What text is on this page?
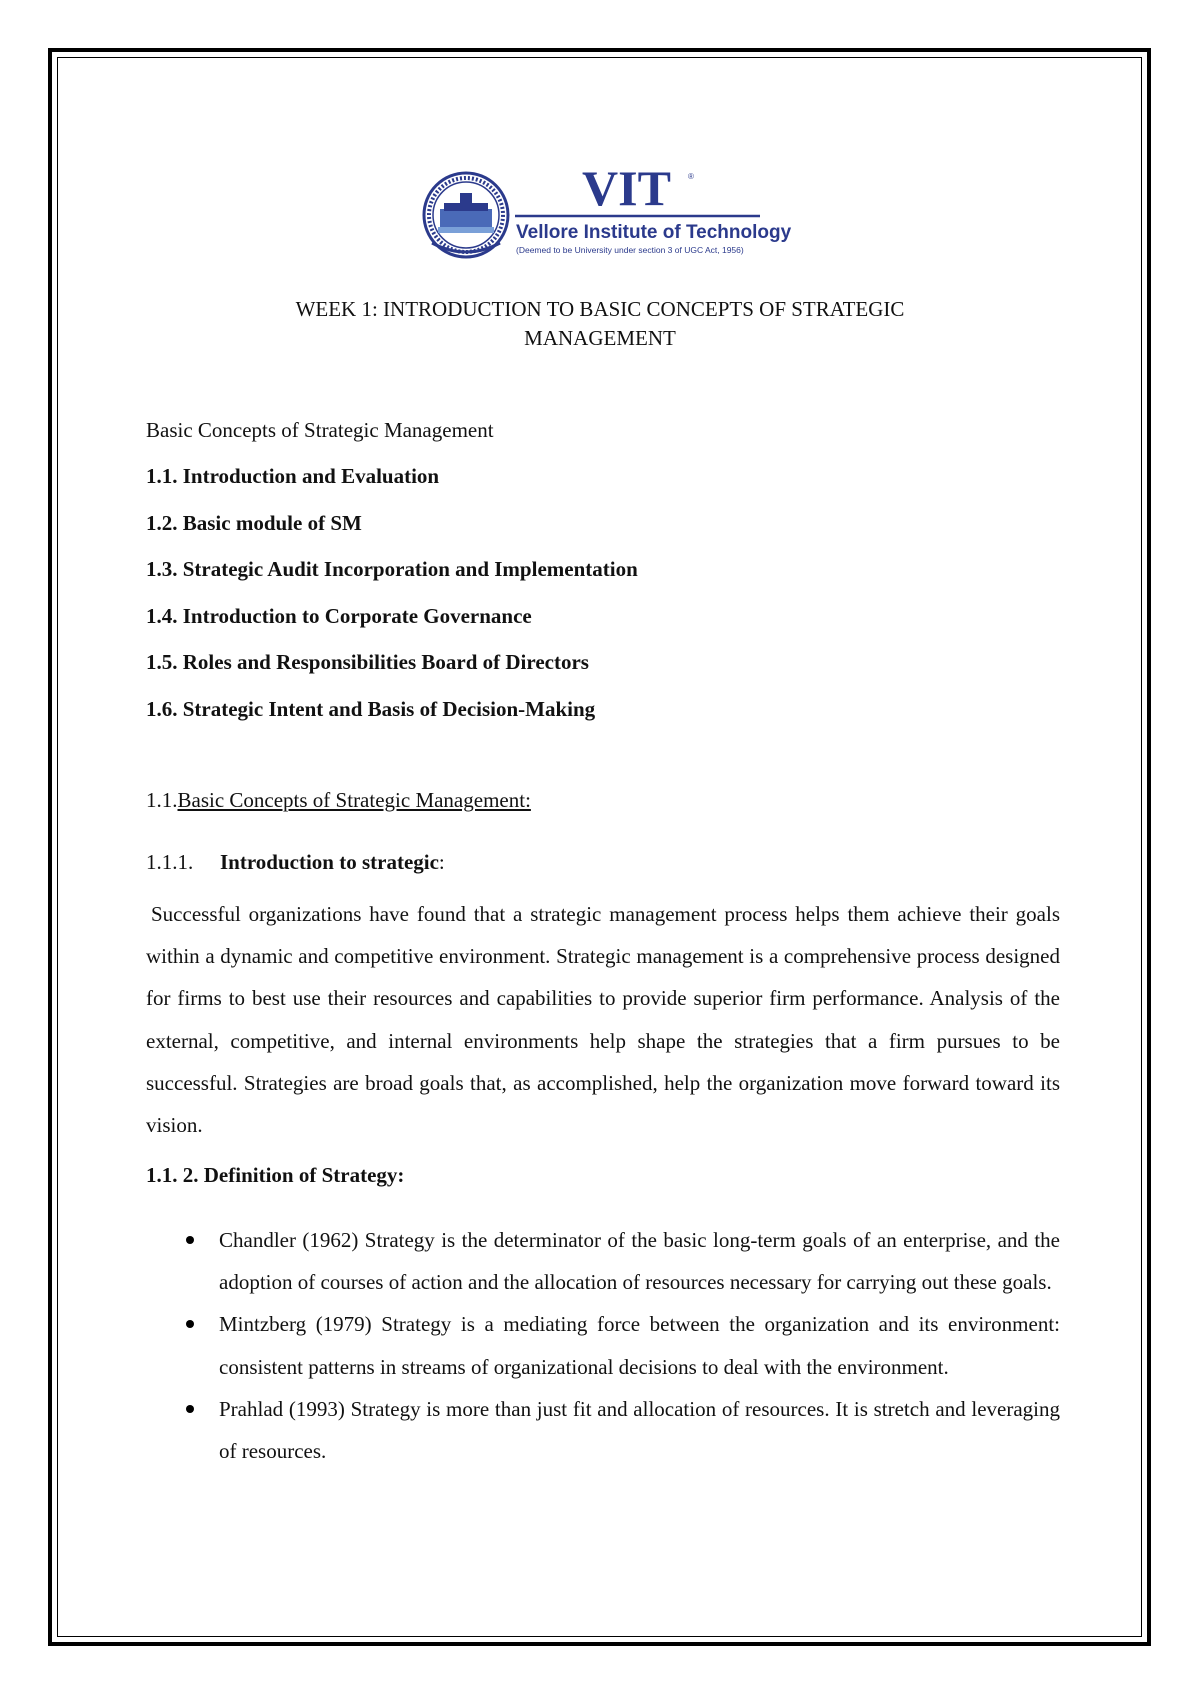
VIT ®
Vellore Institute of Technology
(Deemed to be University under section 3 of UGC Act, 1956)
WEEK 1: INTRODUCTION TO BASIC CONCEPTS OF STRATEGIC
MANAGEMENT

Basic Concepts of Strategic Management

1.1. Introduction and Evaluation
1.2. Basic module of SM
1.3. Strategic Audit Incorporation and Implementation
1.4. Introduction to Corporate Governance
1.5. Roles and Responsibilities Board of Directors
1.6. Strategic Intent and Basis of Decision-Making
1.1.Basic Concepts of Strategic Management:
1.1.1. Introduction to strategic:

Successful organizations have found that a strategic management process helps them achieve their goals within a dynamic and competitive environment. Strategic management is a comprehensive process designed for firms to best use their resources and capabilities to provide superior firm performance. Analysis of the external, competitive, and internal environments help shape the strategies that a firm pursues to be successful. Strategies are broad goals that, as accomplished, help the organization move forward toward its vision.

1.1. 2. Definition of Strategy:
Chandler (1962) Strategy is the determinator of the basic long-term goals of an enterprise, and the adoption of courses of action and the allocation of resources necessary for carrying out these goals.
Mintzberg (1979) Strategy is a mediating force between the organization and its environment: consistent patterns in streams of organizational decisions to deal with the environment.
Prahlad (1993) Strategy is more than just fit and allocation of resources. It is stretch and leveraging of resources.
